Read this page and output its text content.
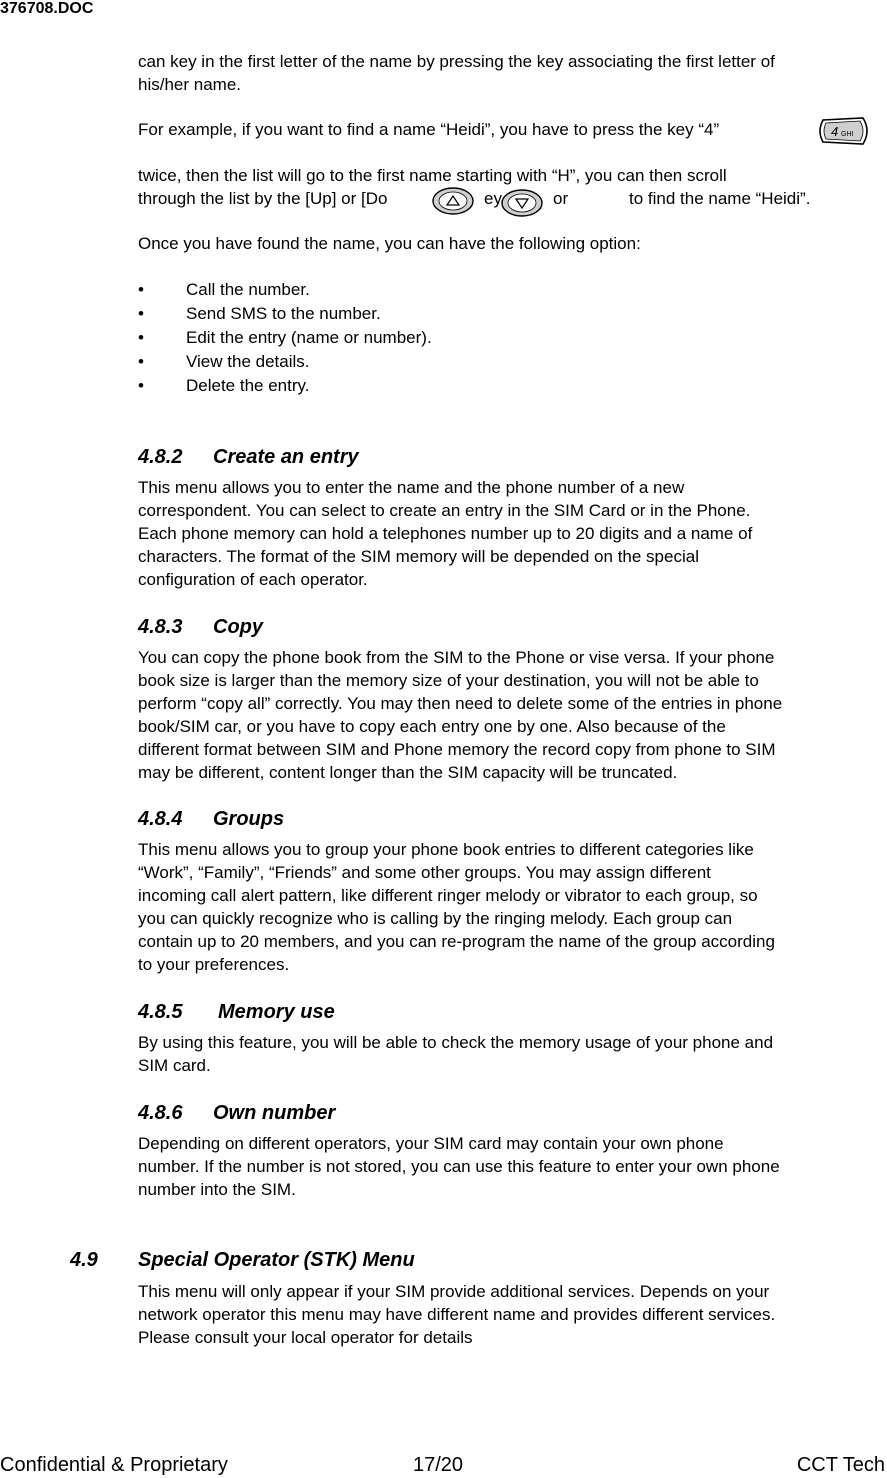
376708.DOC
can key in the first letter of the name by pressing the key associating the first letter of
his/her name.
For example, if you want to find a name “Heidi”, you have to press the key “4”	4 GHI
twice, then the list will go to the first name starting with “H”, you can then scroll
through the list by the [Up] or [Do	ey	or	to find the name “Heidi”.
Once you have found the name, you can have the following option:
• Call the number.
• Send SMS to the number.
• Edit the entry (name or number).
• View the details.
• Delete the entry.
4.8.2 Create an entry
This menu allows you to enter the name and the phone number of a new
correspondent. You can select to create an entry in the SIM Card or in the Phone.
Each phone memory can hold a telephones number up to 20 digits and a name of
characters. The format of the SIM memory will be depended on the special
configuration of each operator.
4.8.3 Copy
You can copy the phone book from the SIM to the Phone or vise versa. If your phone
book size is larger than the memory size of your destination, you will not be able to
perform “copy all” correctly. You may then need to delete some of the entries in phone
book/SIM car, or you have to copy each entry one by one. Also because of the
different format between SIM and Phone memory the record copy from phone to SIM
may be different, content longer than the SIM capacity will be truncated.
4.8.4 Groups
This menu allows you to group your phone book entries to different categories like
“Work”, “Family”, “Friends” and some other groups. You may assign different
incoming call alert pattern, like different ringer melody or vibrator to each group, so
you can quickly recognize who is calling by the ringing melody. Each group can
contain up to 20 members, and you can re-program the name of the group according
to your preferences.
4.8.5 Memory use
By using this feature, you will be able to check the memory usage of your phone and
SIM card.
4.8.6 Own number
Depending on different operators, your SIM card may contain your own phone
number. If the number is not stored, you can use this feature to enter your own phone
number into the SIM.
4.9 Special Operator (STK) Menu
This menu will only appear if your SIM provide additional services. Depends on your
network operator this menu may have different name and provides different services.
Please consult your local operator for details
Confidential & Proprietary	17/20	CCT Tech
